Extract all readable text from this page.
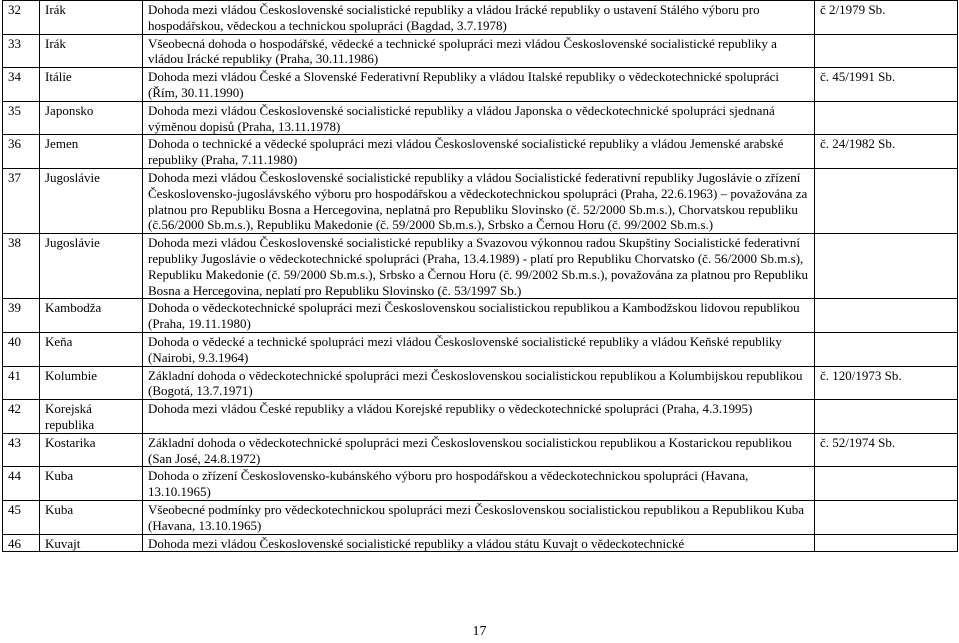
32	Irák	Dohoda mezi vládou Československé socialistické republiky a vládou Irácké republiky o ustavení Stálého výboru pro hospodářskou, vědeckou a technickou spolupráci (Bagdad, 3.7.1978)	č 2/1979 Sb.
33	Irák	Všeobecná dohoda o hospodářské, vědecké a technické spolupráci mezi vládou Československé socialistické republiky a vládou Irácké republiky (Praha, 30.11.1986)	
34	Itálie	Dohoda mezi vládou České a Slovenské Federativní Republiky a vládou Italské republiky o vědeckotechnické spolupráci (Řím, 30.11.1990)	č. 45/1991 Sb.
35	Japonsko	Dohoda mezi vládou Československé socialistické republiky a vládou Japonska o vědeckotechnické spolupráci sjednaná výměnou dopisů (Praha, 13.11.1978)	
36	Jemen	Dohoda o technické a vědecké spolupráci mezi vládou Československé socialistické republiky a vládou Jemenské arabské republiky (Praha, 7.11.1980)	č. 24/1982 Sb.
37	Jugoslávie	Dohoda mezi vládou Československé socialistické republiky a vládou Socialistické federativní republiky Jugoslávie o zřízení Československo-jugoslávského výboru pro hospodářskou a vědeckotechnickou spolupráci (Praha, 22.6.1963) – považována za platnou pro Republiku Bosna a Hercegovina, neplatná pro Republiku Slovinsko (č. 52/2000 Sb.m.s.), Chorvatskou republiku (č.56/2000 Sb.m.s.), Republiku Makedonie (č. 59/2000 Sb.m.s.), Srbsko a Černou Horu (č. 99/2002 Sb.m.s.)	
38	Jugoslávie	Dohoda mezi vládou Československé socialistické republiky a Svazovou výkonnou radou Skupštiny Socialistické federativní republiky Jugoslávie o vědeckotechnické spolupráci (Praha, 13.4.1989) - platí pro Republiku Chorvatsko (č. 56/2000 Sb.m.s), Republiku Makedonie (č. 59/2000 Sb.m.s.), Srbsko a Černou Horu (č. 99/2002 Sb.m.s.), považována za platnou pro Republiku Bosna a Hercegovina, neplatí pro Republiku Slovinsko (č. 53/1997 Sb.)	
39	Kambodža	Dohoda o vědeckotechnické spolupráci mezi Československou socialistickou republikou a Kambodžskou lidovou republikou (Praha, 19.11.1980)	
40	Keňa	Dohoda o vědecké a technické spolupráci mezi vládou Československé socialistické republiky a vládou Keňské republiky (Nairobi, 9.3.1964)	
41	Kolumbie	Základní dohoda o vědeckotechnické spolupráci mezi Československou socialistickou republikou a Kolumbijskou republikou (Bogotá, 13.7.1971)	č. 120/1973 Sb.
42	Korejská republika	Dohoda mezi vládou České republiky a vládou Korejské republiky o vědeckotechnické spolupráci (Praha, 4.3.1995)	
43	Kostarika	Základní dohoda o vědeckotechnické spolupráci mezi Československou socialistickou republikou a Kostarickou republikou (San José, 24.8.1972)	č. 52/1974 Sb.
44	Kuba	Dohoda o zřízení Československo-kubánského výboru pro hospodářskou a vědeckotechnickou spolupráci (Havana, 13.10.1965)	
45	Kuba	Všeobecné podmínky pro vědeckotechnickou spolupráci mezi Československou socialistickou republikou a Republikou Kuba (Havana, 13.10.1965)	
46	Kuvajt	Dohoda mezi vládou Československé socialistické republiky a vládou státu Kuvajt o vědeckotechnické	
17
